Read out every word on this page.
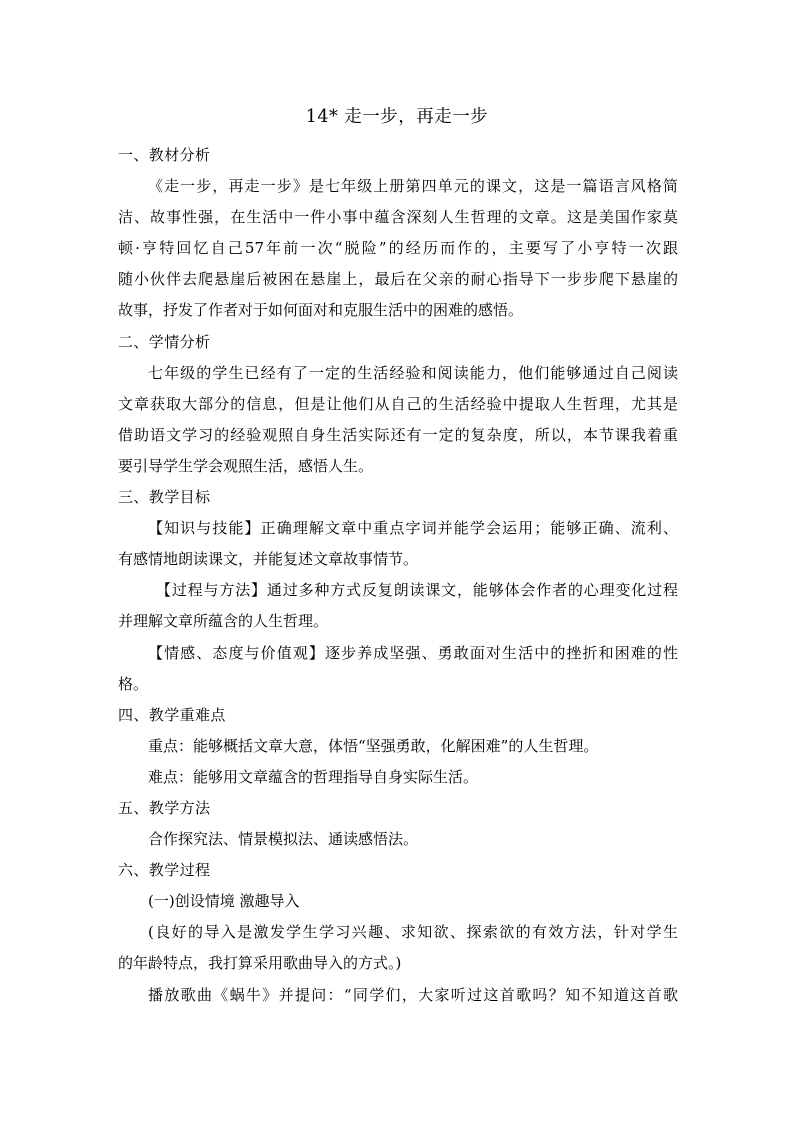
14* 走一步，再走一步
一、教材分析
《走一步，再走一步》是七年级上册第四单元的课文，这是一篇语言风格简
洁、故事性强，在生活中一件小事中蕴含深刻人生哲理的文章。这是美国作家莫
顿·亨特回忆自己57年前一次“脱险”的经历而作的，主要写了小亨特一次跟
随小伙伴去爬悬崖后被困在悬崖上，最后在父亲的耐心指导下一步步爬下悬崖的
故事，抒发了作者对于如何面对和克服生活中的困难的感悟。
二、学情分析
七年级的学生已经有了一定的生活经验和阅读能力，他们能够通过自己阅读
文章获取大部分的信息，但是让他们从自己的生活经验中提取人生哲理，尤其是
借助语文学习的经验观照自身生活实际还有一定的复杂度，所以，本节课我着重
要引导学生学会观照生活，感悟人生。
三、教学目标
【知识与技能】正确理解文章中重点字词并能学会运用；能够正确、流利、
有感情地朗读课文，并能复述文章故事情节。
【过程与方法】通过多种方式反复朗读课文，能够体会作者的心理变化过程
并理解文章所蕴含的人生哲理。
【情感、态度与价值观】逐步养成坚强、勇敢面对生活中的挫折和困难的性
格。
四、教学重难点
重点：能够概括文章大意，体悟“坚强勇敢，化解困难”的人生哲理。
难点：能够用文章蕴含的哲理指导自身实际生活。
五、教学方法
合作探究法、情景模拟法、通读感悟法。
六、教学过程
(一)创设情境 激趣导入
(良好的导入是激发学生学习兴趣、求知欲、探索欲的有效方法，针对学生
的年龄特点，我打算采用歌曲导入的方式。)
播放歌曲《蜗牛》并提问：“同学们，大家听过这首歌吗？知不知道这首歌
